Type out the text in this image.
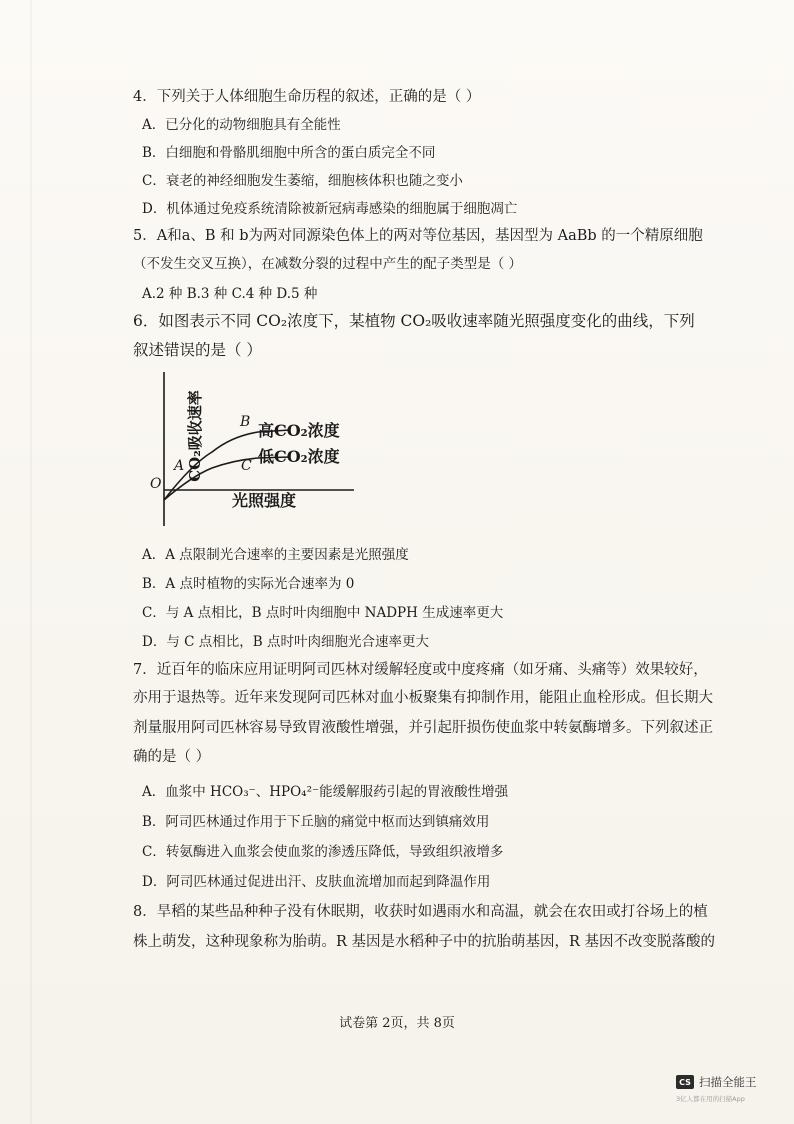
4．下列关于人体细胞生命历程的叙述，正确的是（ ）
A．已分化的动物细胞具有全能性
B．白细胞和骨骼肌细胞中所含的蛋白质完全不同
C．衰老的神经细胞发生萎缩，细胞核体积也随之变小
D．机体通过免疫系统清除被新冠病毒感染的细胞属于细胞凋亡
5．A和a、B 和 b为两对同源染色体上的两对等位基因，基因型为 AaBb 的一个精原细胞
（不发生交叉互换），在减数分裂的过程中产生的配子类型是（ ）
A.2 种 B.3 种 C.4 种 D.5 种
6．如图表示不同 CO₂浓度下，某植物 CO₂吸收速率随光照强度变化的曲线，下列
叙述错误的是（ ）
CO₂吸收速率
O
A
B
C
高CO₂浓度
低CO₂浓度
光照强度
A．A 点限制光合速率的主要因素是光照强度
B．A 点时植物的实际光合速率为 0
C．与 A 点相比，B 点时叶肉细胞中 NADPH 生成速率更大
D．与 C 点相比，B 点时叶肉细胞光合速率更大
7．近百年的临床应用证明阿司匹林对缓解轻度或中度疼痛（如牙痛、头痛等）效果较好，
亦用于退热等。近年来发现阿司匹林对血小板聚集有抑制作用，能阻止血栓形成。但长期大
剂量服用阿司匹林容易导致胃液酸性增强，并引起肝损伤使血浆中转氨酶增多。下列叙述正
确的是（ ）
A．血浆中 HCO₃⁻、HPO₄²⁻能缓解服药引起的胃液酸性增强
B．阿司匹林通过作用于下丘脑的痛觉中枢而达到镇痛效用
C．转氨酶进入血浆会使血浆的渗透压降低，导致组织液增多
D．阿司匹林通过促进出汗、皮肤血流增加而起到降温作用
8．旱稻的某些品种种子没有休眠期，收获时如遇雨水和高温，就会在农田或打谷场上的植
株上萌发，这种现象称为胎萌。R 基因是水稻种子中的抗胎萌基因，R 基因不改变脱落酸的
试卷第 2页，共 8页
CS 扫描全能王
3亿人都在用的扫描App
